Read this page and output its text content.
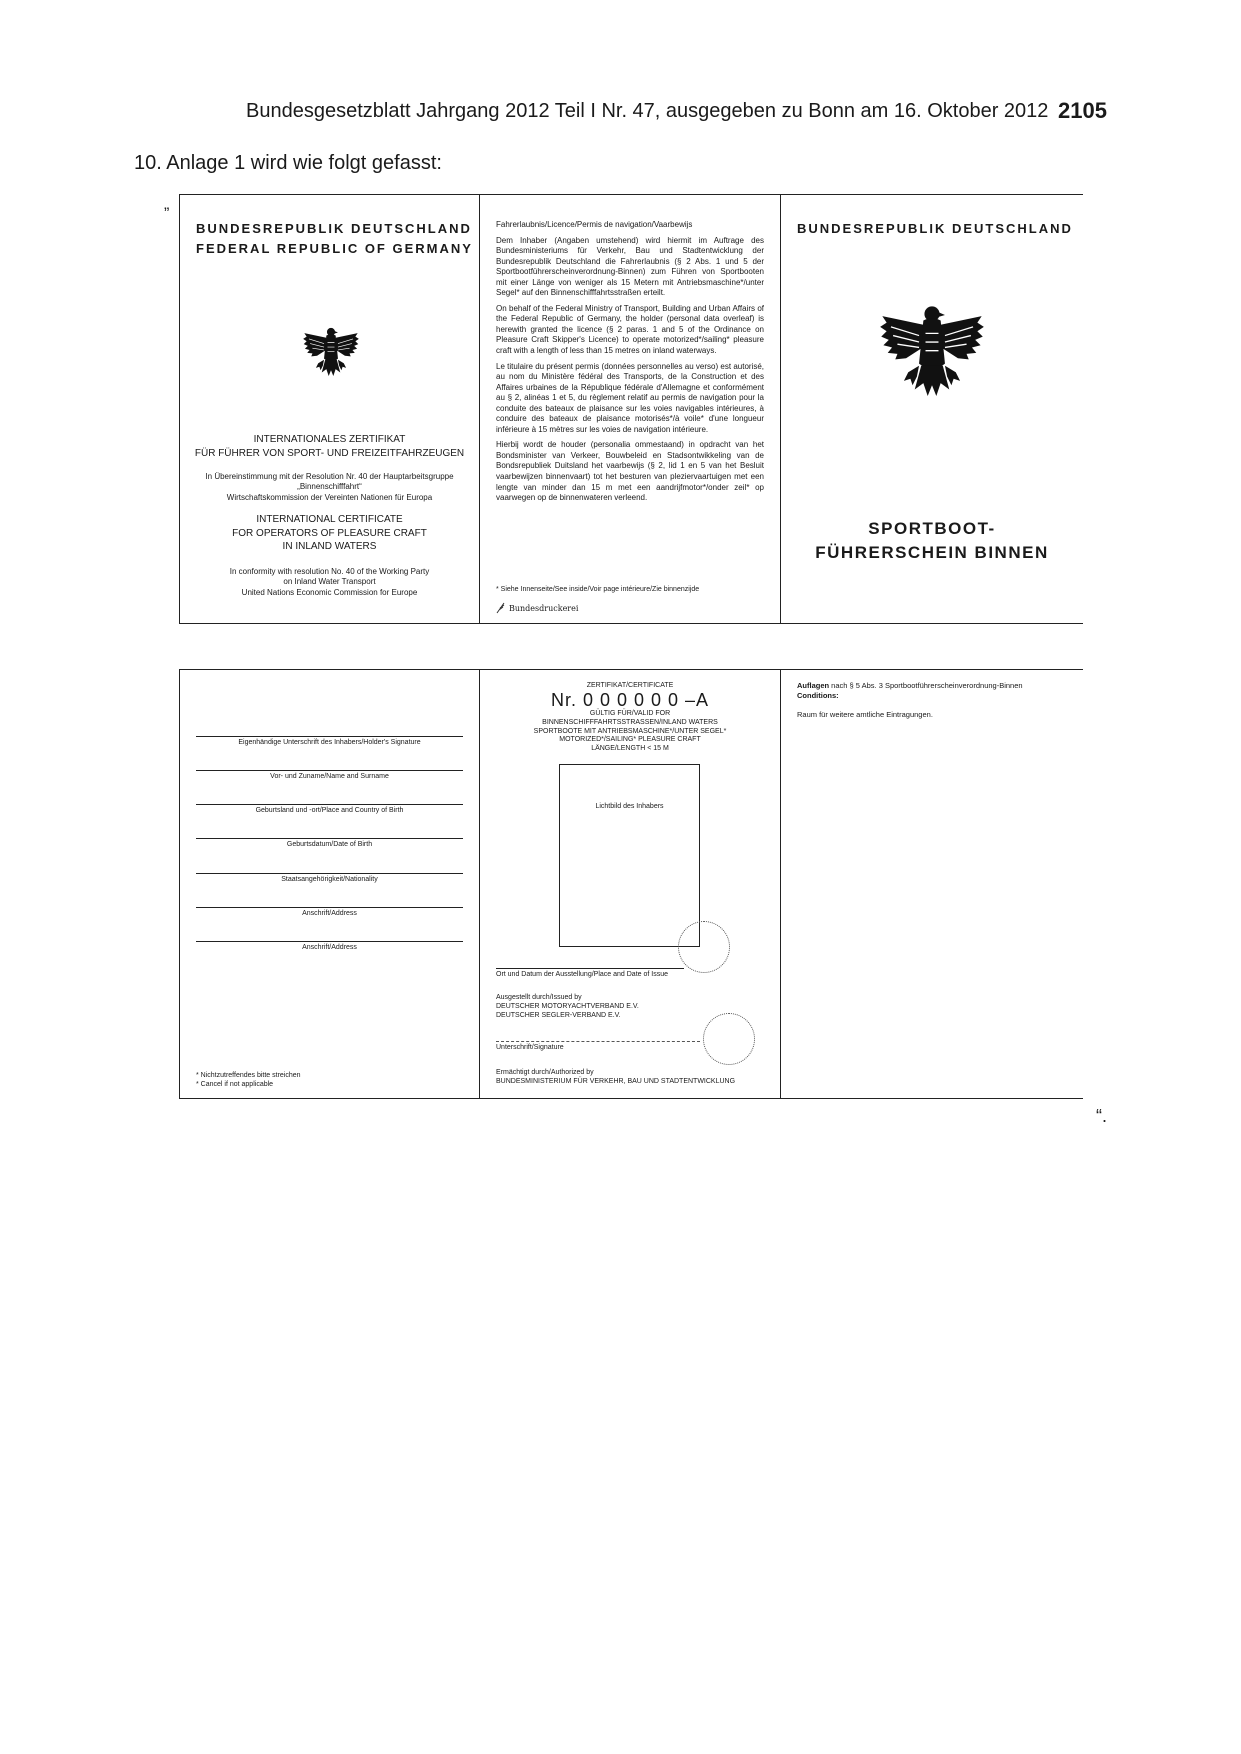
Bundesgesetzblatt Jahrgang 2012 Teil I Nr. 47, ausgegeben zu Bonn am 16. Oktober 2012 2105
10. Anlage 1 wird wie folgt gefasst:
„
“.
BUNDESREPUBLIK DEUTSCHLAND
FEDERAL REPUBLIC OF GERMANY
INTERNATIONALES ZERTIFIKAT
FÜR FÜHRER VON SPORT- UND FREIZEITFAHRZEUGEN
In Übereinstimmung mit der Resolution Nr. 40 der Hauptarbeitsgruppe
„Binnenschifffahrt“
Wirtschaftskommission der Vereinten Nationen für Europa
INTERNATIONAL CERTIFICATE
FOR OPERATORS OF PLEASURE CRAFT
IN INLAND WATERS
In conformity with resolution No. 40 of the Working Party
on Inland Water Transport
United Nations Economic Commission for Europe

Fahrerlaubnis/Licence/Permis de navigation/Vaarbewijs

Dem Inhaber (Angaben umstehend) wird hiermit im Auftrage des Bundesministeriums für Verkehr, Bau und Stadtentwicklung der Bundesrepublik Deutschland die Fahrerlaubnis (§ 2 Abs. 1 und 5 der Sportbootführerscheinverordnung-Binnen) zum Führen von Sportbooten mit einer Länge von weniger als 15 Metern mit Antriebsmaschine*/unter Segel* auf den Binnenschifffahrtsstraßen erteilt.

On behalf of the Federal Ministry of Transport, Building and Urban Affairs of the Federal Republic of Germany, the holder (personal data overleaf) is herewith granted the licence (§ 2 paras. 1 and 5 of the Ordinance on Pleasure Craft Skipper's Licence) to operate motorized*/sailing* pleasure craft with a length of less than 15 metres on inland waterways.

Le titulaire du présent permis (données personnelles au verso) est autorisé, au nom du Ministère fédéral des Transports, de la Construction et des Affaires urbaines de la République fédérale d'Allemagne et conformément au § 2, alinéas 1 et 5, du règlement relatif au permis de navigation pour la conduite des bateaux de plaisance sur les voies navigables intérieures, à conduire des bateaux de plaisance motorisés*/à voile* d'une longueur inférieure à 15 mètres sur les voies de navigation intérieure.

Hierbij wordt de houder (personalia ommestaand) in opdracht van het Bondsminister van Verkeer, Bouwbeleid en Stadsontwikkeling van de Bondsrepubliek Duitsland het vaarbewijs (§ 2, lid 1 en 5 van het Besluit vaarbewijzen binnenvaart) tot het besturen van pleziervaartuigen met een lengte van minder dan 15 m met een aandrijfmotor*/onder zeil* op vaarwegen op de binnenwateren verleend.

* Siehe Innenseite/See inside/Voir page intérieure/Zie binnenzijde
Bundesdruckerei
BUNDESREPUBLIK DEUTSCHLAND
SPORTBOOT-
FÜHRERSCHEIN BINNEN
Eigenhändige Unterschrift des Inhabers/Holder's Signature
Vor- und Zuname/Name and Surname
Geburtsland und -ort/Place and Country of Birth
Geburtsdatum/Date of Birth
Staatsangehörigkeit/Nationality
Anschrift/Address
Anschrift/Address
* Nichtzutreffendes bitte streichen
* Cancel if not applicable
ZERTIFIKAT/CERTIFICATE
Nr. 0 0 0 0 0 0 –A
GÜLTIG FÜR/VALID FOR
BINNENSCHIFFFAHRTSSTRASSEN/INLAND WATERS
SPORTBOOTE MIT ANTRIEBSMASCHINE*/UNTER SEGEL*
MOTORIZED*/SAILING* PLEASURE CRAFT
LÄNGE/LENGTH < 15 M
Lichtbild des Inhabers
Ort und Datum der Ausstellung/Place and Date of Issue
Ausgestellt durch/Issued by
DEUTSCHER MOTORYACHTVERBAND E.V.
DEUTSCHER SEGLER-VERBAND E.V.
Unterschrift/Signature
Ermächtigt durch/Authorized by
BUNDESMINISTERIUM FÜR VERKEHR, BAU UND STADTENTWICKLUNG
Auflagen nach § 5 Abs. 3 Sportbootführerscheinverordnung-Binnen
Conditions:
Raum für weitere amtliche Eintragungen.
